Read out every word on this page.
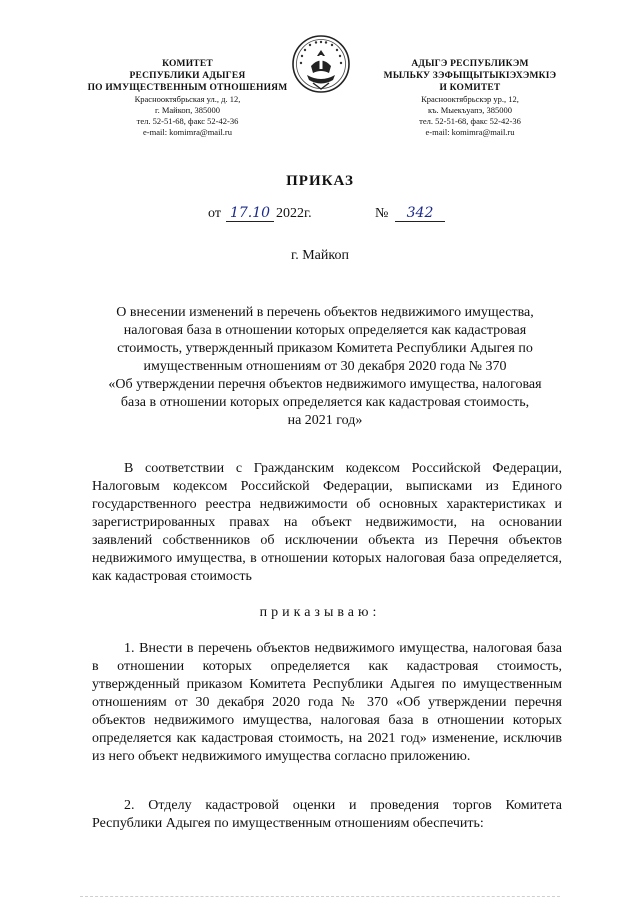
КОМИТЕТ
РЕСПУБЛИКИ АДЫГЕЯ
ПО ИМУЩЕСТВЕННЫМ ОТНОШЕНИЯМ
Краснооктябрьская ул., д. 12,
г. Майкоп, 385000
тел. 52-51-68, факс 52-42-36
e-mail: komimra@mail.ru
АДЫГЭ РЕСПУБЛИКЭМ
МЫЛЬКУ ЗЭФЫЩЫТЫКІЭХЭМКІЭ
И КОМИТЕТ
Краснооктябрьскэр ур., 12,
къ. Мыекъуапэ, 385000
тел. 52-51-68, факс 52-42-36
e-mail: komimra@mail.ru
ПРИКАЗ
от 17.10 2022г.	№	342
г. Майкоп
О внесении изменений в перечень объектов недвижимого имущества,
налоговая база в отношении которых определяется как кадастровая
стоимость, утвержденный приказом Комитета Республики Адыгея по
имущественным отношениям от 30 декабря 2020 года № 370
«Об утверждении перечня объектов недвижимого имущества, налоговая
база в отношении которых определяется как кадастровая стоимость,
на 2021 год»
В соответствии с Гражданским кодексом Российской Федерации, Налоговым кодексом Российской Федерации, выписками из Единого государственного реестра недвижимости об основных характеристиках и зарегистрированных правах на объект недвижимости, на основании заявлений собственников об исключении объекта из Перечня объектов недвижимого имущества, в отношении которых налоговая база определяется, как кадастровая стоимость
приказываю:
1. Внести в перечень объектов недвижимого имущества, налоговая база в отношении которых определяется как кадастровая стоимость, утвержденный приказом Комитета Республики Адыгея по имущественным отношениям от 30 декабря 2020 года № 370 «Об утверждении перечня объектов недвижимого имущества, налоговая база в отношении которых определяется как кадастровая стоимость, на 2021 год» изменение, исключив из него объект недвижимого имущества согласно приложению.
2. Отделу кадастровой оценки и проведения торгов Комитета Республики Адыгея по имущественным отношениям обеспечить:
